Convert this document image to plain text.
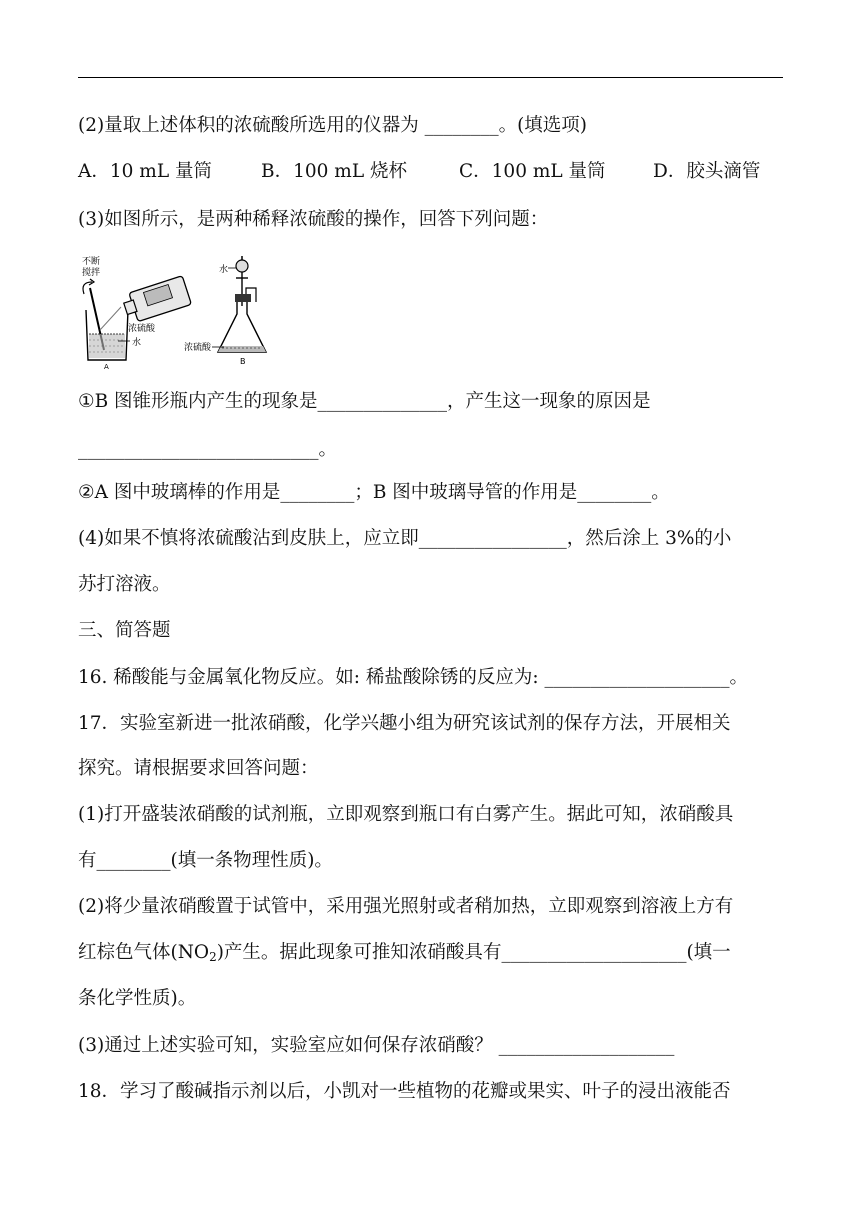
(2)量取上述体积的浓硫酸所选用的仪器为 ________。(填选项)
A．10 mL 量筒	B．100 mL 烧杯	C．100 mL 量筒	D．胶头滴管
(3)如图所示，是两种稀释浓硫酸的操作，回答下列问题：
不断
搅拌
浓硫酸
水
A
水
浓硫酸
B
①B 图锥形瓶内产生的现象是______________，产生这一现象的原因是
__________________________。
②A 图中玻璃棒的作用是________；B 图中玻璃导管的作用是________。
(4)如果不慎将浓硫酸沾到皮肤上，应立即________________，然后涂上 3%的小
苏打溶液。
三、简答题
16. 稀酸能与金属氧化物反应。如: 稀盐酸除锈的反应为: ____________________。
17．实验室新进一批浓硝酸，化学兴趣小组为研究该试剂的保存方法，开展相关
探究。请根据要求回答问题：
(1)打开盛装浓硝酸的试剂瓶，立即观察到瓶口有白雾产生。据此可知，浓硝酸具
有________(填一条物理性质)。
(2)将少量浓硝酸置于试管中，采用强光照射或者稍加热，立即观察到溶液上方有
红棕色气体$(NO_2)$产生。据此现象可推知浓硝酸具有____________________(填一
条化学性质)。
(3)通过上述实验可知，实验室应如何保存浓硝酸？ ___________________
18．学习了酸碱指示剂以后，小凯对一些植物的花瓣或果实、叶子的浸出液能否
